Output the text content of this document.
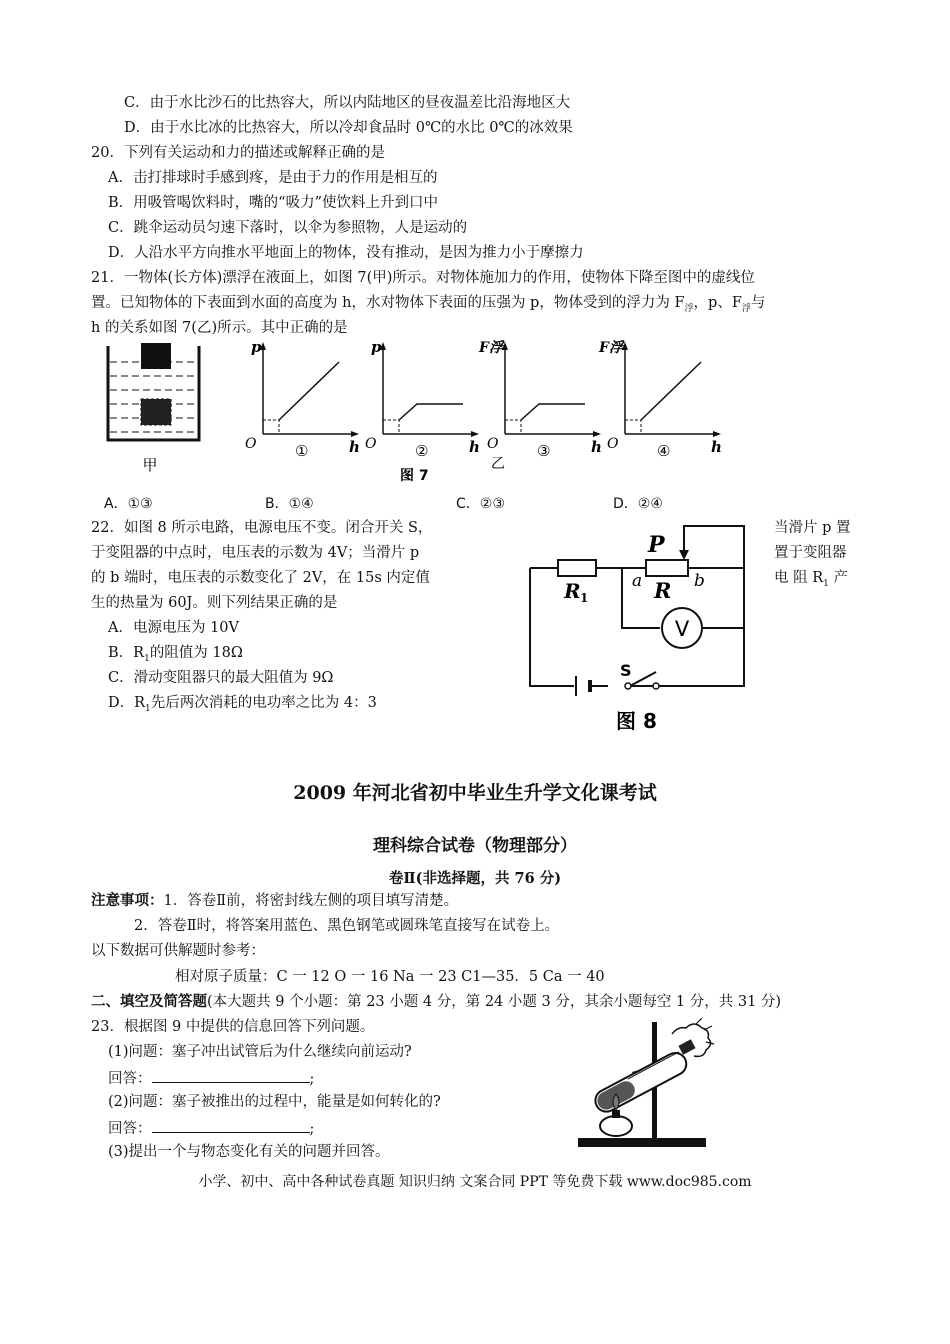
C．由于水比沙石的比热容大，所以内陆地区的昼夜温差比沿海地区大
D．由于水比冰的比热容大，所以冷却食品时 0℃的水比 0℃的冰效果
20．下列有关运动和力的描述或解释正确的是
A．击打排球时手感到疼，是由于力的作用是相互的
B．用吸管喝饮料时，嘴的“吸力”使饮料上升到口中
C．跳伞运动员匀速下落时，以伞为参照物，人是运动的
D．人沿水平方向推水平地面上的物体，没有推动，是因为推力小于摩擦力
21．一物体(长方体)漂浮在液面上，如图 7(甲)所示。对物体施加力的作用，使物体下降至图中的虚线位
置。已知物体的下表面到水面的高度为 h，水对物体下表面的压强为 p，物体受到的浮力为 $F_浮$，p、$F_浮$与
h 的关系如图 7(乙)所示。其中正确的是
甲
p
O	h
①
p
O	h
②
F浮
O	h
③
乙
F浮
O	h
④
图 7
A．①③	B．①④	C．②③	D．②④
22．如图 8 所示电路，电源电压不变。闭合开关 S，	当滑片 p 置
于变阻器的中点时，电压表的示数为 4V；当滑片 p	置于变阻器
的 b 端时，电压表的示数变化了 2V，在 15s 内定值	电 阻 $R_1$ 产
生的热量为 60J。则下列结果正确的是
A．电源电压为 10V
B．$R_1$的阻值为 18Ω
C．滑动变阻器只的最大阻值为 9Ω
D．$R_1$先后两次消耗的电功率之比为 4：3
V
P
R 1
a R b
S
图 8
2009 年河北省初中毕业生升学文化课考试
理科综合试卷（物理部分）
卷Ⅱ(非选择题，共 76 分)
注意事项：1．答卷Ⅱ前，将密封线左侧的项目填写清楚。
2．答卷Ⅱ时，将答案用蓝色、黑色钢笔或圆珠笔直接写在试卷上。
以下数据可供解题时参考：
相对原子质量：C 一 12 O 一 16 Na 一 23 C1—35．5 Ca 一 40
二、填空及简答题(本大题共 9 个小题：第 23 小题 4 分，第 24 小题 3 分，其余小题每空 1 分，共 31 分)
23．根据图 9 中提供的信息回答下列问题。
(1)问题：塞子冲出试管后为什么继续向前运动?
回答：	;
(2)问题：塞子被推出的过程中，能量是如何转化的?
回答：	;
(3)提出一个与物态变化有关的问题并回答。
小学、初中、高中各种试卷真题 知识归纳 文案合同 PPT 等免费下载 www.doc985.com
